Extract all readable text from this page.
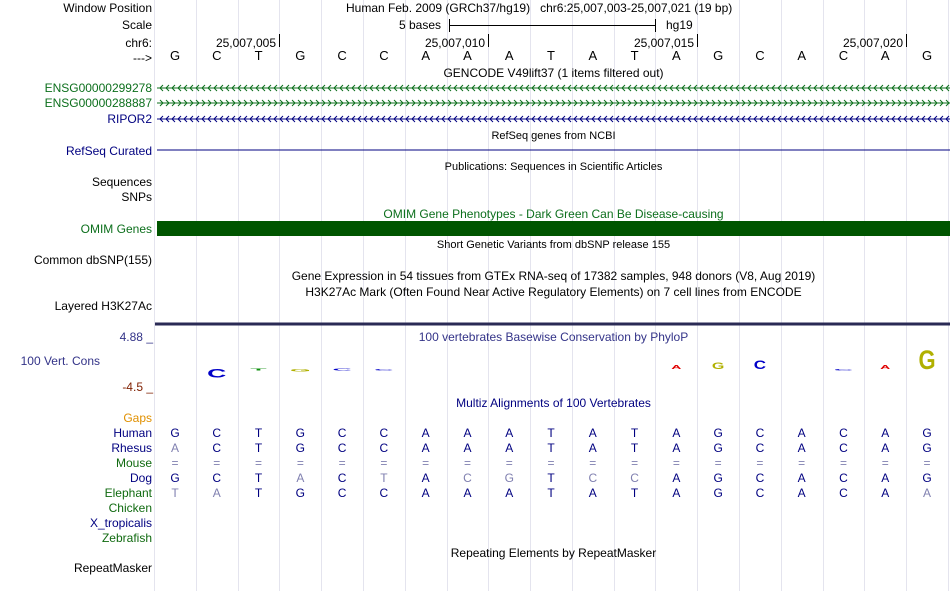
Window Position	Human Feb. 2009 (GRCh37/hg19)   chr6:25,007,003-25,007,021 (19 bp)
Scale	5 bases	hg19
chr6:	25,007,005	25,007,010	25,007,015	25,007,020
--->	G	C	T	G	C	C	A	A	A	T	A	T	A	G	C	A	C	A	G
GENCODE V49lift37 (1 items filtered out)
ENSG00000299278
ENSG00000288887
RIPOR2
C T G C C	A G C	C A G
RefSeq genes from NCBI
RefSeq Curated
Publications: Sequences in Scientific Articles
Sequences
SNPs
OMIM Gene Phenotypes - Dark Green Can Be Disease-causing
OMIM Genes
Short Genetic Variants from dbSNP release 155
Common dbSNP(155)
Gene Expression in 54 tissues from GTEx RNA-seq of 17382 samples, 948 donors (V8, Aug 2019)
H3K27Ac Mark (Often Found Near Active Regulatory Elements) on 7 cell lines from ENCODE
Layered H3K27Ac
100 vertebrates Basewise Conservation by PhyloP
4.88 _
100 Vert. Cons
-4.5 _
Multiz Alignments of 100 Vertebrates
Gaps
Human	G	C	T	G	C	C	A	A	A	T	A	T	A	G	C	A	C	A	G
Rhesus	A	C	T	G	C	C	A	A	A	T	A	T	A	G	C	A	C	A	G
Mouse	=	=	=	=	=	=	=	=	=	=	=	=	=	=	=	=	=	=	=
Dog	G	C	T	A	C	T	A	C	G	T	C	C	A	G	C	A	C	A	G
Elephant	T	A	T	G	C	C	A	A	A	T	A	T	A	G	C	A	C	A	A
Chicken
X_tropicalis
Zebrafish
Repeating Elements by RepeatMasker
RepeatMasker
